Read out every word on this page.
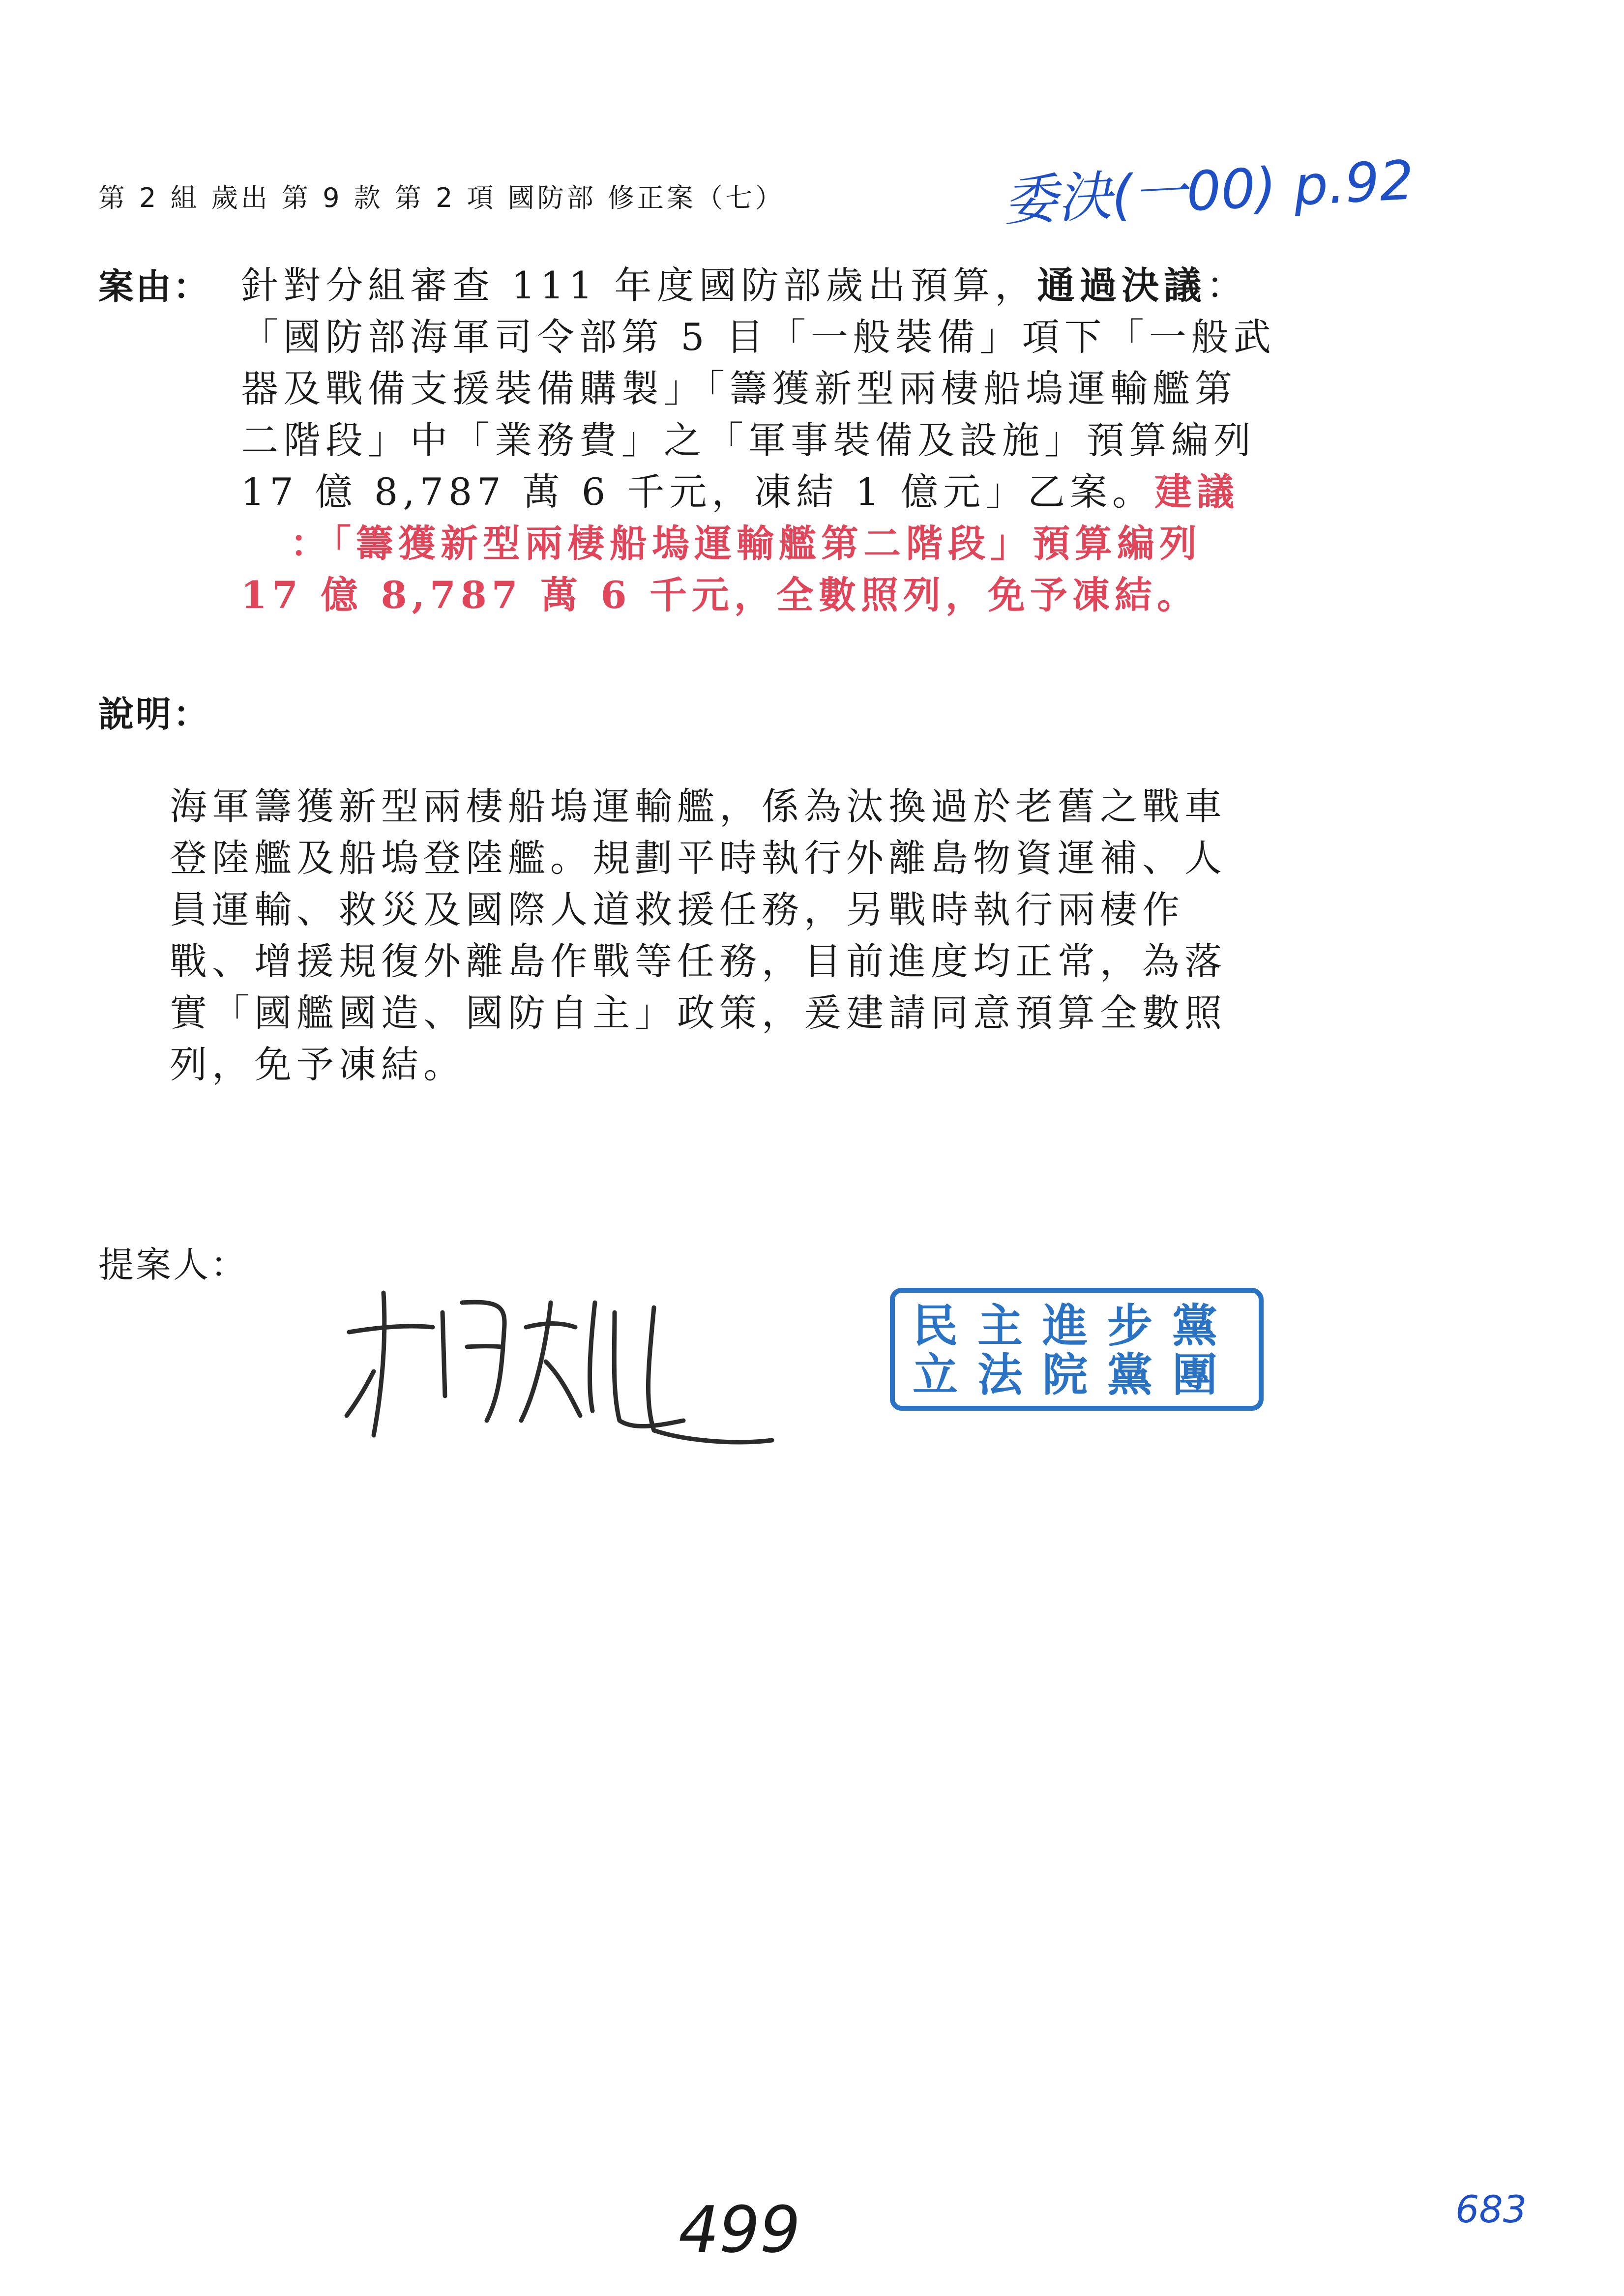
第 2 組 歲出 第 9 款 第 2 項 國防部 修正案（七）	委決(一00) p.92
案由： 針對分組審查 111 年度國防部歲出預算，通過決議：
「國防部海軍司令部第 5 目「一般裝備」項下「一般武
器及戰備支援裝備購製」「籌獲新型兩棲船塢運輸艦第
二階段」中「業務費」之「軍事裝備及設施」預算編列
17 億 8,787 萬 6 千元，凍結 1 億元」乙案。建議
：「籌獲新型兩棲船塢運輸艦第二階段」預算編列
17 億 8,787 萬 6 千元，全數照列，免予凍結。
說明：
海軍籌獲新型兩棲船塢運輸艦，係為汰換過於老舊之戰車
登陸艦及船塢登陸艦。規劃平時執行外離島物資運補、人
員運輸、救災及國際人道救援任務，另戰時執行兩棲作
戰、增援規復外離島作戰等任務，目前進度均正常，為落
實「國艦國造、國防自主」政策，爰建請同意預算全數照
列，免予凍結。
提案人：
民主進步黨
立法院黨團
499	683
